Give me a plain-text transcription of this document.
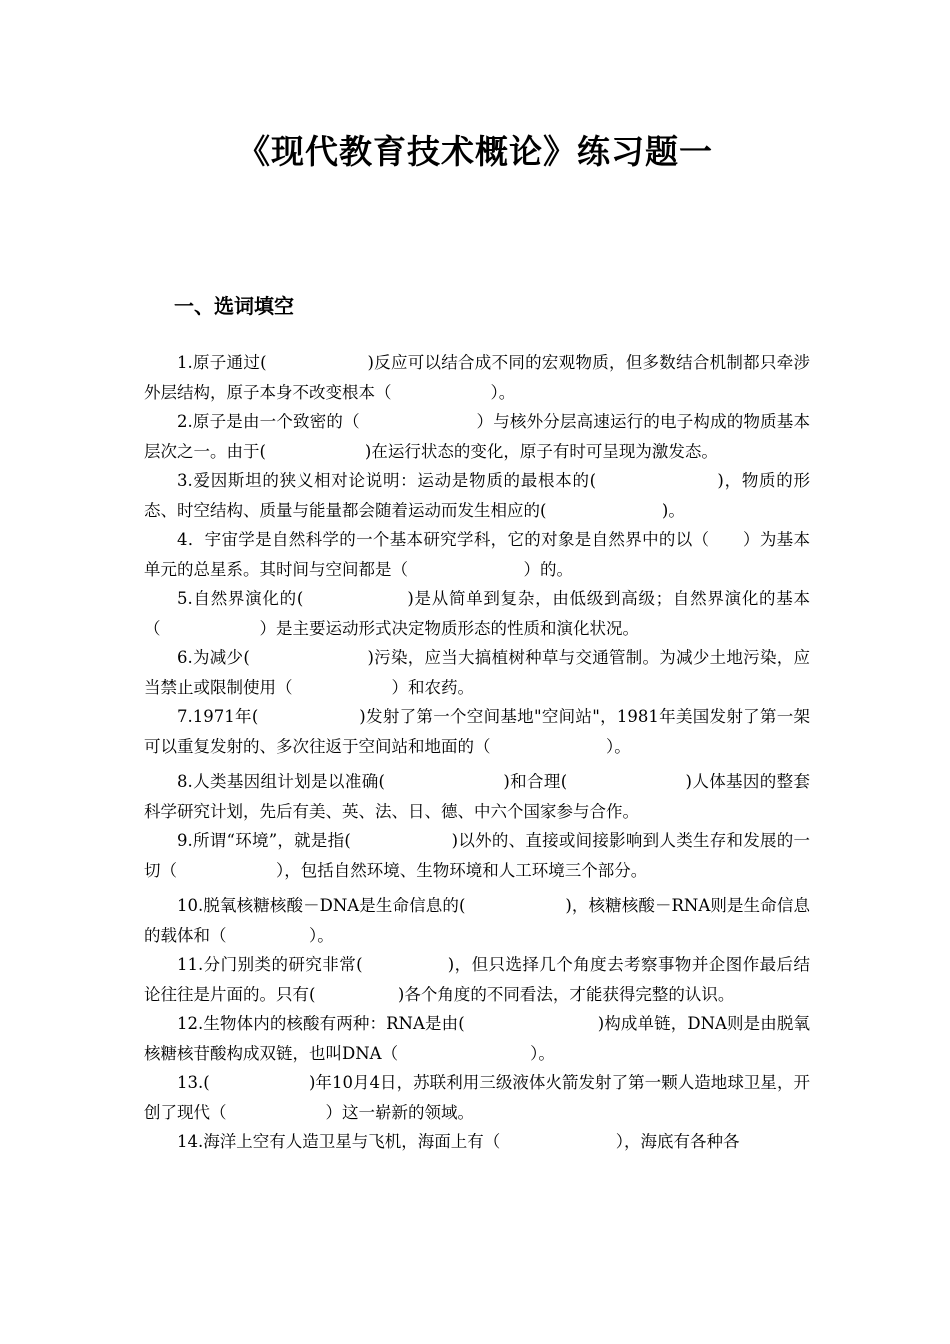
《现代教育技术概论》练习题一
一、选词填空

1.原子通过(　　　　　　)反应可以结合成不同的宏观物质，但多数结合机制都只牵涉外层结构，原子本身不改变根本（　　　　　　）。

2.原子是由一个致密的（　　　　　　　）与核外分层高速运行的电子构成的物质基本层次之一。由于(　　　　　　)在运行状态的变化，原子有时可呈现为激发态。

3.爱因斯坦的狭义相对论说明：运动是物质的最根本的(　　　　　　　)，物质的形态、时空结构、质量与能量都会随着运动而发生相应的(　　　　　　　)。

4．宇宙学是自然科学的一个基本研究学科，它的对象是自然界中的以（　　）为基本单元的总星系。其时间与空间都是（　　　　　　　）的。

5.自然界演化的(　　　　　　)是从简单到复杂，由低级到高级；自然界演化的基本（　　　　　　）是主要运动形式决定物质形态的性质和演化状况。

6.为减少(　　　　　　　)污染，应当大搞植树种草与交通管制。为减少土地污染，应当禁止或限制使用（　　　　　　）和农药。

7.1971年(　　　　　　)发射了第一个空间基地"空间站"，1981年美国发射了第一架可以重复发射的、多次往返于空间站和地面的（　　　　　　　）。

8.人类基因组计划是以准确(　　　　　　　)和合理(　　　　　　　)人体基因的整套科学研究计划，先后有美、英、法、日、德、中六个国家参与合作。

9.所谓“环境”，就是指(　　　　　　)以外的、直接或间接影响到人类生存和发展的一切（　　　　　　），包括自然环境、生物环境和人工环境三个部分。

10.脱氧核糖核酸－DNA是生命信息的(　　　　　　)，核糖核酸－RNA则是生命信息的载体和（　　　　　）。

11.分门别类的研究非常(　　　　　)，但只选择几个角度去考察事物并企图作最后结论往往是片面的。只有(　　　　　)各个角度的不同看法，才能获得完整的认识。

12.生物体内的核酸有两种：RNA是由(　　　　　　　　)构成单链，DNA则是由脱氧核糖核苷酸构成双链，也叫DNA（　　　　　　　　）。

13.(　　　　　　)年10月4日，苏联利用三级液体火箭发射了第一颗人造地球卫星，开创了现代（　　　　　　）这一崭新的领域。

14.海洋上空有人造卫星与飞机，海面上有（　　　　　　　），海底有各种各
